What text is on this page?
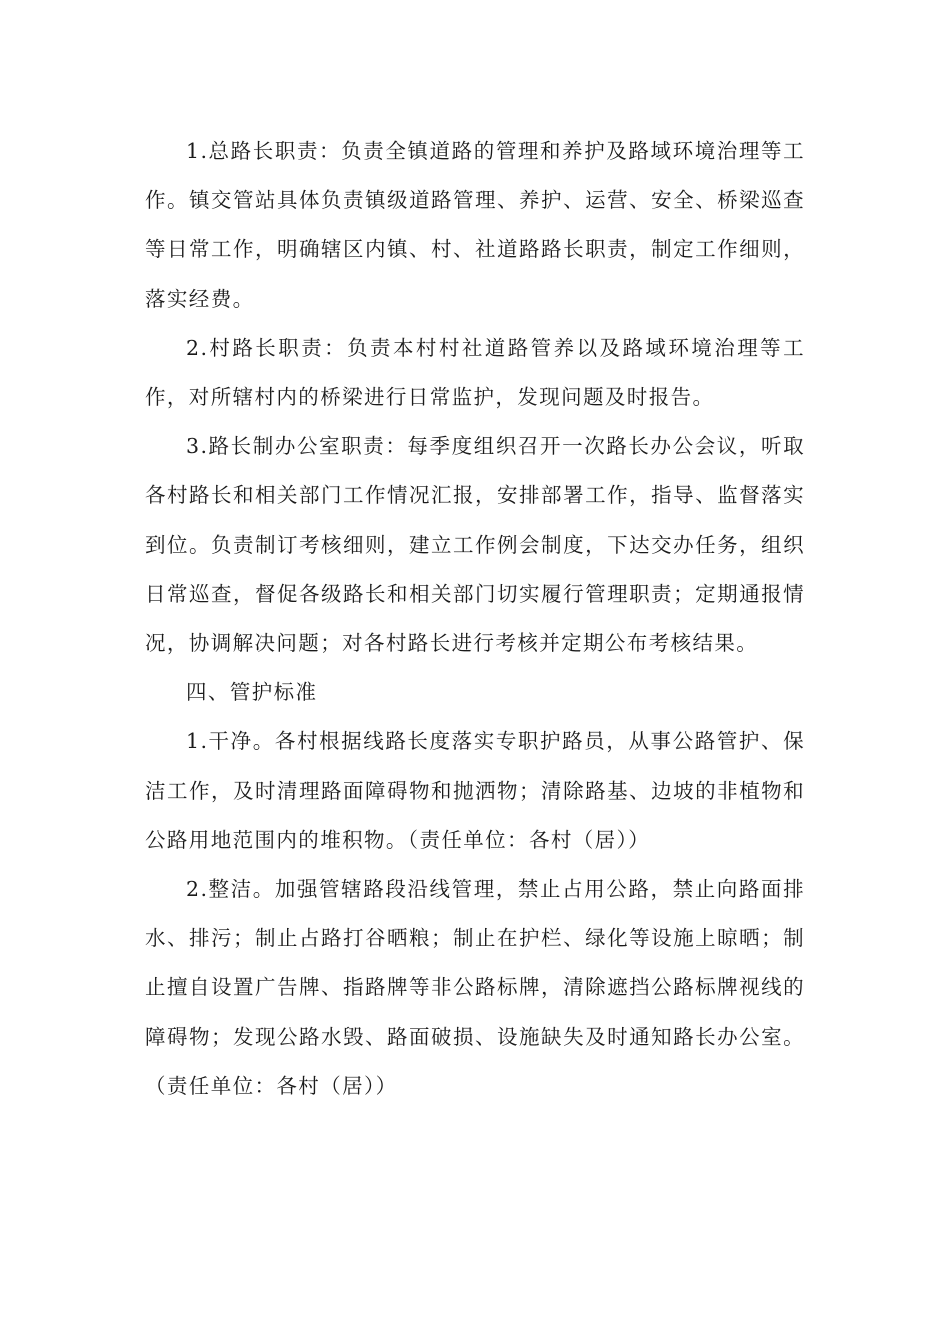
1.总路长职责：负责全镇道路的管理和养护及路域环境治理等工作。镇交管站具体负责镇级道路管理、养护、运营、安全、桥梁巡查等日常工作，明确辖区内镇、村、社道路路长职责，制定工作细则，落实经费。

2.村路长职责：负责本村村社道路管养以及路域环境治理等工作，对所辖村内的桥梁进行日常监护，发现问题及时报告。

3.路长制办公室职责：每季度组织召开一次路长办公会议，听取各村路长和相关部门工作情况汇报，安排部署工作，指导、监督落实到位。负责制订考核细则，建立工作例会制度，下达交办任务，组织日常巡查，督促各级路长和相关部门切实履行管理职责；定期通报情况，协调解决问题；对各村路长进行考核并定期公布考核结果。

四、管护标准

1.干净。各村根据线路长度落实专职护路员，从事公路管护、保洁工作，及时清理路面障碍物和抛洒物；清除路基、边坡的非植物和公路用地范围内的堆积物。（责任单位：各村（居））

2.整洁。加强管辖路段沿线管理，禁止占用公路，禁止向路面排水、排污；制止占路打谷晒粮；制止在护栏、绿化等设施上晾晒；制止擅自设置广告牌、指路牌等非公路标牌，清除遮挡公路标牌视线的障碍物；发现公路水毁、路面破损、设施缺失及时通知路长办公室。（责任单位：各村（居））
